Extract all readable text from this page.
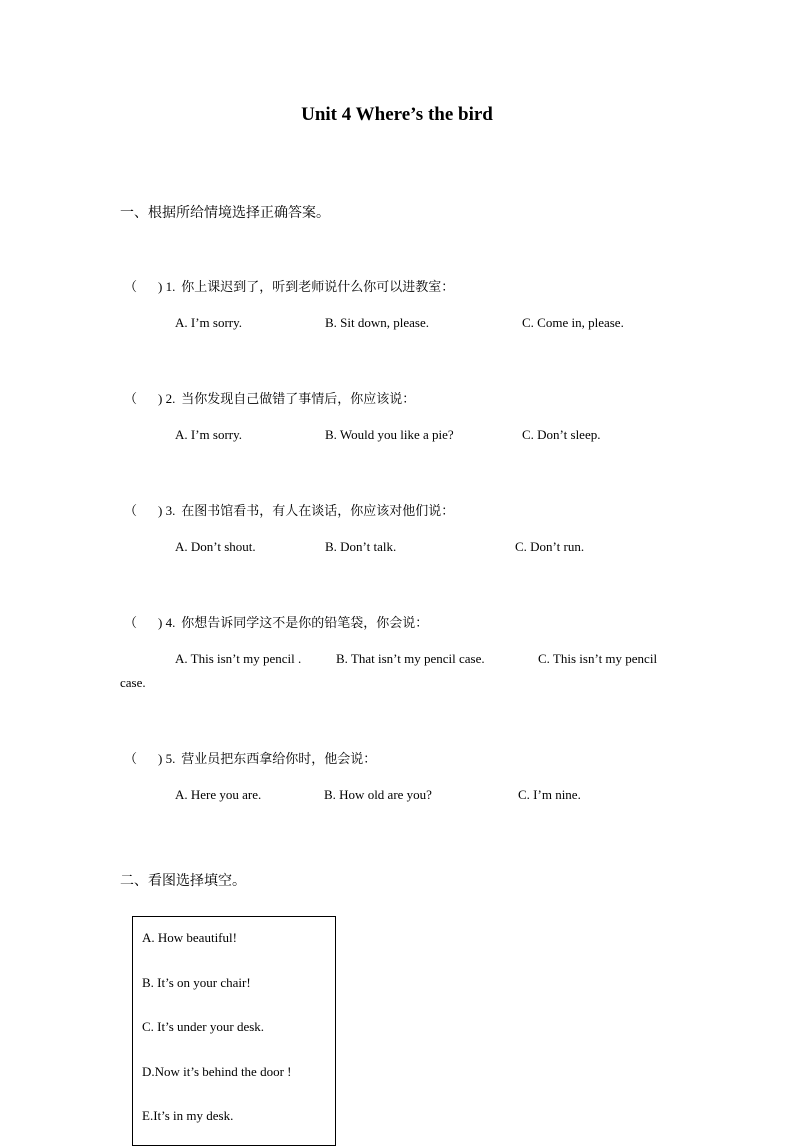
Unit 4 Where’s the bird
一、根据所给情境选择正确答案。
（ ) 1. 你上课迟到了，听到老师说什么你可以进教室：
A. I’m sorry.	B. Sit down, please.	C. Come in, please.
（ ) 2. 当你发现自己做错了事情后，你应该说：
A. I’m sorry.	B. Would you like a pie?	C. Don’t sleep.
（ ) 3. 在图书馆看书，有人在谈话，你应该对他们说：
A. Don’t shout.	B. Don’t talk.	C. Don’t run.
（ ) 4. 你想告诉同学这不是你的铅笔袋，你会说：
A. This isn’t my pencil .	B. That isn’t my pencil case.	C. This isn’t my pencil
case.
（ ) 5. 营业员把东西拿给你时，他会说：
A. Here you are.	B. How old are you?	C. I’m nine.
二、看图选择填空。
A. How beautiful!
B. It’s on your chair!
C. It’s under your desk.
D.Now it’s behind the door !
E.It’s in my desk.
